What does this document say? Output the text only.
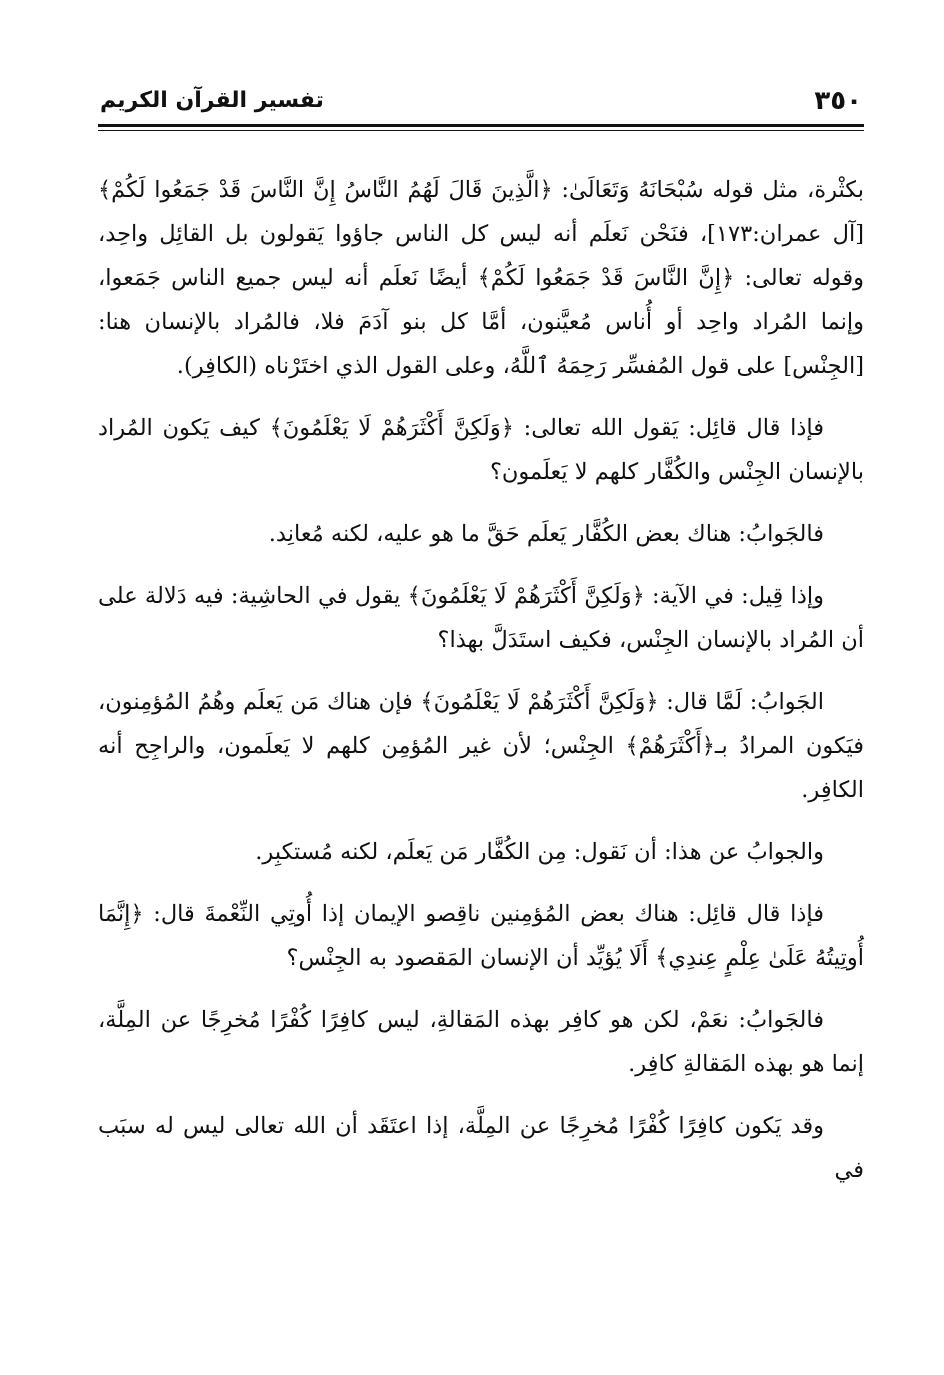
٣٥٠
تفسير القرآن الكريم

بكثْرة، مثل قوله سُبْحَانَهُ وَتَعَالَىٰ: ﴿الَّذِينَ قَالَ لَهُمُ النَّاسُ إِنَّ النَّاسَ قَدْ جَمَعُوا لَكُمْ﴾ [آل عمران:١٧٣]، فنَحْن نَعلَم أنه ليس كل الناس جاؤوا يَقولون بل القائِل واحِد، وقوله تعالى: ﴿إِنَّ النَّاسَ قَدْ جَمَعُوا لَكُمْ﴾ أيضًا نَعلَم أنه ليس جميع الناس جَمَعوا، وإنما المُراد واحِد أو أُناس مُعيَّنون، أمَّا كل بنو آدَمَ فلا، فالمُراد بالإنسان هنا: [الجِنْس] على قول المُفسِّر رَحِمَهُ ٱللَّهُ، وعلى القول الذي اختَرْناه (الكافِر).

فإذا قال قائِل: يَقول الله تعالى: ﴿وَلَكِنَّ أَكْثَرَهُمْ لَا يَعْلَمُونَ﴾ كيف يَكون المُراد بالإنسان الجِنْس والكُفَّار كلهم لا يَعلَمون؟

فالجَوابُ: هناك بعض الكُفَّار يَعلَم حَقَّ ما هو عليه، لكنه مُعانِد.

وإذا قِيل: في الآية: ﴿وَلَكِنَّ أَكْثَرَهُمْ لَا يَعْلَمُونَ﴾ يقول في الحاشِية: فيه دَلالة على أن المُراد بالإنسان الجِنْس، فكيف استَدَلَّ بهذا؟

الجَوابُ: لَمَّا قال: ﴿وَلَكِنَّ أَكْثَرَهُمْ لَا يَعْلَمُونَ﴾ فإن هناك مَن يَعلَم وهُمُ المُؤمِنون، فيَكون المرادُ بـ﴿أَكْثَرَهُمْ﴾ الجِنْس؛ لأن غير المُؤمِن كلهم لا يَعلَمون، والراجِح أنه الكافِر.

والجوابُ عن هذا: أن نَقول: مِن الكُفَّار مَن يَعلَم، لكنه مُستكبِر.

فإذا قال قائِل: هناك بعض المُؤمِنين ناقِصو الإيمان إذا أُوتِي النِّعْمةَ قال: ﴿إِنَّمَا أُوتِيتُهُ عَلَىٰ عِلْمٍ عِندِي﴾ أَلَا يُؤيِّد أن الإنسان المَقصود به الجِنْس؟

فالجَوابُ: نعَمْ، لكن هو كافِر بهذه المَقالةِ، ليس كافِرًا كُفْرًا مُخرِجًا عن المِلَّة، إنما هو بهذه المَقالةِ كافِر.

وقد يَكون كافِرًا كُفْرًا مُخرِجًا عن المِلَّة، إذا اعتَقَد أن الله تعالى ليس له سبَب في
